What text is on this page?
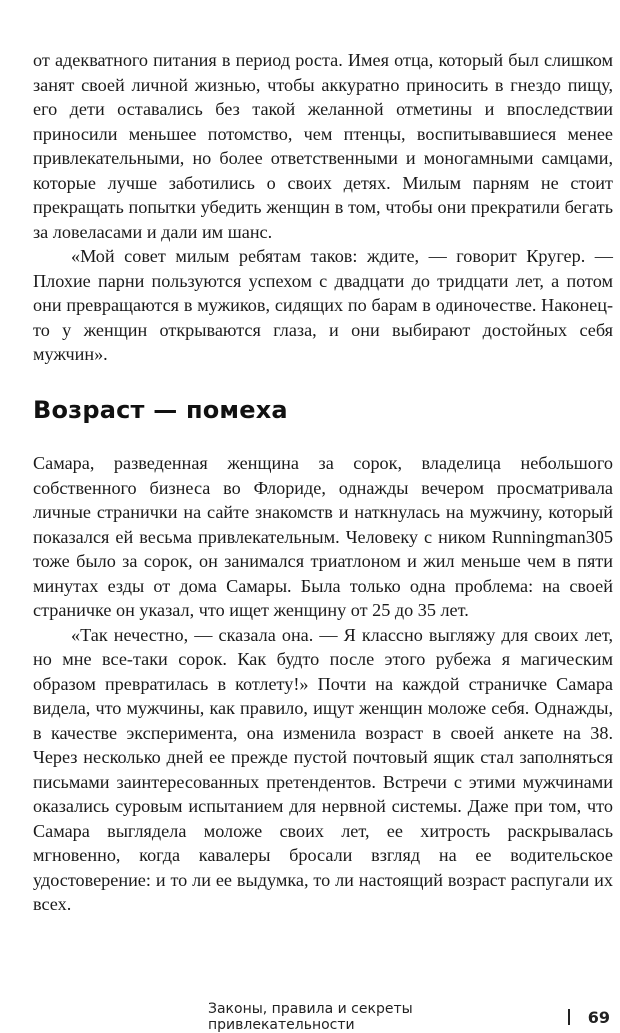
от адекватного питания в период роста. Имея отца, который был слишком занят своей личной жизнью, чтобы аккуратно приносить в гнездо пищу, его дети оставались без такой желанной отметины и впоследствии приносили меньшее потомство, чем птенцы, воспитывавшиеся менее привлекательными, но более ответственными и моногамными самцами, которые лучше заботились о своих детях. Милым парням не стоит прекращать попытки убедить женщин в том, чтобы они прекратили бегать за ловеласами и дали им шанс.

«Мой совет милым ребятам таков: ждите, — говорит Кругер. — Плохие парни пользуются успехом с двадцати до тридцати лет, а потом они превращаются в мужиков, сидящих по барам в одиночестве. Наконец-то у женщин открываются глаза, и они выбирают достойных себя мужчин».

Возраст — помеха

Самара, разведенная женщина за сорок, владелица небольшого собственного бизнеса во Флориде, однажды вечером просматривала личные странички на сайте знакомств и наткнулась на мужчину, который показался ей весьма привлекательным. Человеку с ником Runningman305 тоже было за сорок, он занимался триатлоном и жил меньше чем в пяти минутах езды от дома Самары. Была только одна проблема: на своей страничке он указал, что ищет женщину от 25 до 35 лет.

«Так нечестно, — сказала она. — Я классно выгляжу для своих лет, но мне все-таки сорок. Как будто после этого рубежа я магическим образом превратилась в котлету!» Почти на каждой страничке Самара видела, что мужчины, как правило, ищут женщин моложе себя. Однажды, в качестве эксперимента, она изменила возраст в своей анкете на 38. Через несколько дней ее прежде пустой почтовый ящик стал заполняться письмами заинтересованных претендентов. Встречи с этими мужчинами оказались суровым испытанием для нервной системы. Даже при том, что Самара выглядела моложе своих лет, ее хитрость раскрывалась мгновенно, когда кавалеры бросали взгляд на ее водительское удостоверение: и то ли ее выдумка, то ли настоящий возраст распугали их всех.

Законы, правила и секреты привлекательности	69
